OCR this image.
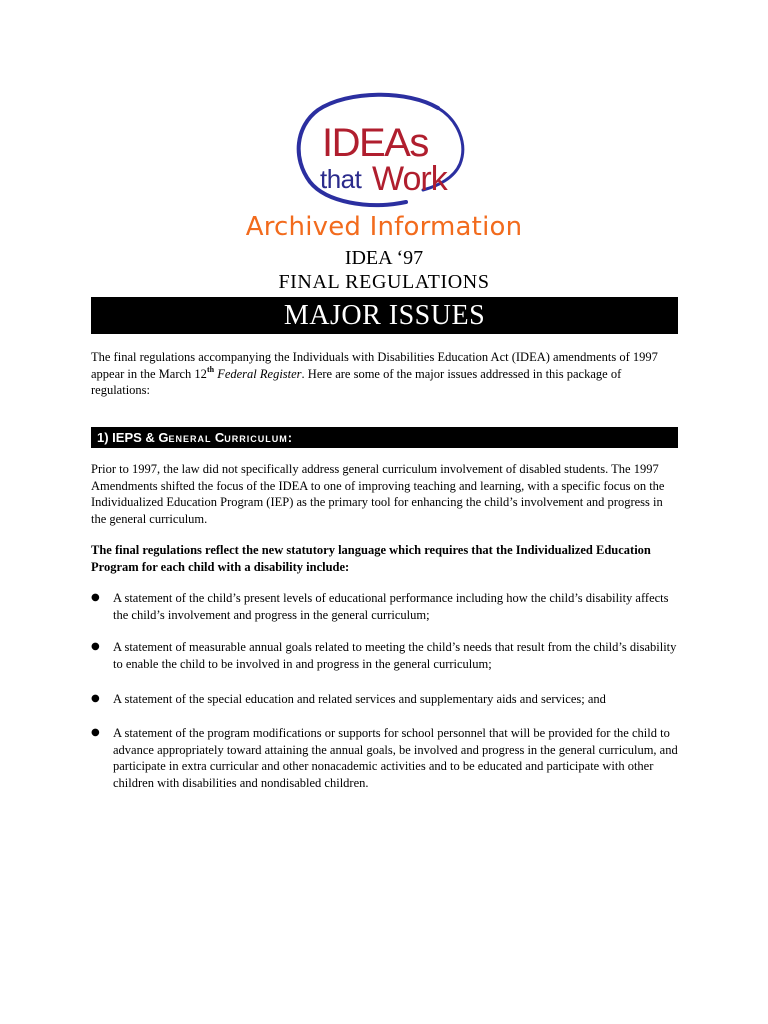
IDEAs
that Work
Archived Information
IDEA ‘97
FINAL REGULATIONS
MAJOR ISSUES

The final regulations accompanying the Individuals with Disabilities Education Act (IDEA) amendments of 1997 appear in the March 12th Federal Register. Here are some of the major issues addressed in this package of regulations:

1) IEPS & GENERAL CURRICULUM:

Prior to 1997, the law did not specifically address general curriculum involvement of disabled students. The 1997 Amendments shifted the focus of the IDEA to one of improving teaching and learning, with a specific focus on the Individualized Education Program (IEP) as the primary tool for enhancing the child’s involvement and progress in the general curriculum.

The final regulations reflect the new statutory language which requires that the Individualized Education Program for each child with a disability include:

● A statement of the child’s present levels of educational performance including how the child’s disability affects the child’s involvement and progress in the general curriculum;
● A statement of measurable annual goals related to meeting the child’s needs that result from the child’s disability to enable the child to be involved in and progress in the general curriculum;
● A statement of the special education and related services and supplementary aids and services; and
● A statement of the program modifications or supports for school personnel that will be provided for the child to advance appropriately toward attaining the annual goals, be involved and progress in the general curriculum, and participate in extra curricular and other nonacademic activities and to be educated and participate with other children with disabilities and nondisabled children.
